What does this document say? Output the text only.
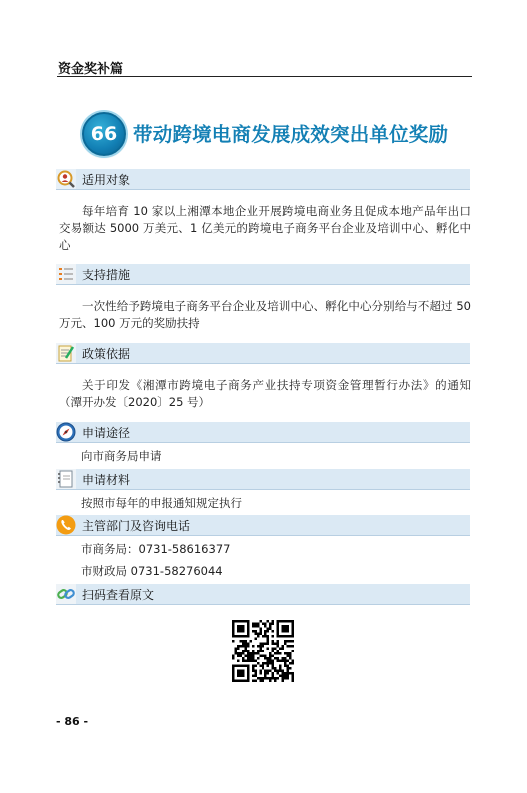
资金奖补篇
66 带动跨境电商发展成效突出单位奖励
适用对象
每年培育 10 家以上湘潭本地企业开展跨境电商业务且促成本地产品年出口交易额达 5000 万美元、1 亿美元的跨境电子商务平台企业及培训中心、孵化中心
支持措施
一次性给予跨境电子商务平台企业及培训中心、孵化中心分别给与不超过 50 万元、100 万元的奖励扶持
政策依据
关于印发《湘潭市跨境电子商务产业扶持专项资金管理暂行办法》的通知（潭开办发〔2020〕25 号）
申请途径
向市商务局申请
申请材料
按照市每年的申报通知规定执行
主管部门及咨询电话
市商务局：0731-58616377
市财政局 0731-58276044
扫码查看原文
- 86 -
